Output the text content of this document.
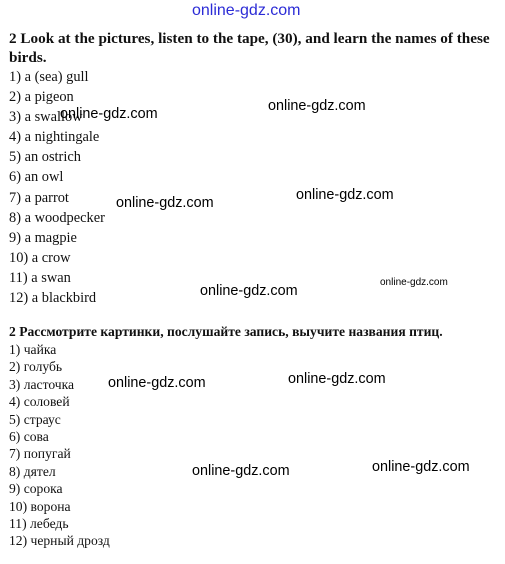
online-gdz.com

2 Look at the pictures, listen to the tape, (30), and learn the names of these birds.

1) a (sea) gull

2) a pigeon

3) a swallow

4) a nightingale

5) an ostrich

6) an owl

7) a parrot

8) a woodpecker

9) a magpie

10) a crow

11) a swan

12) a blackbird

2 Рассмотрите картинки, послушайте запись, выучите названия птиц.

1) чайка

2) голубь

3) ласточка

4) соловей

5) страус

6) сова

7) попугай

8) дятел

9) сорока

10) ворона

11) лебедь

12) черный дрозд

online-gdz.com
online-gdz.com
online-gdz.com
online-gdz.com
online-gdz.com
online-gdz.com
online-gdz.com
online-gdz.com
online-gdz.com
online-gdz.com
